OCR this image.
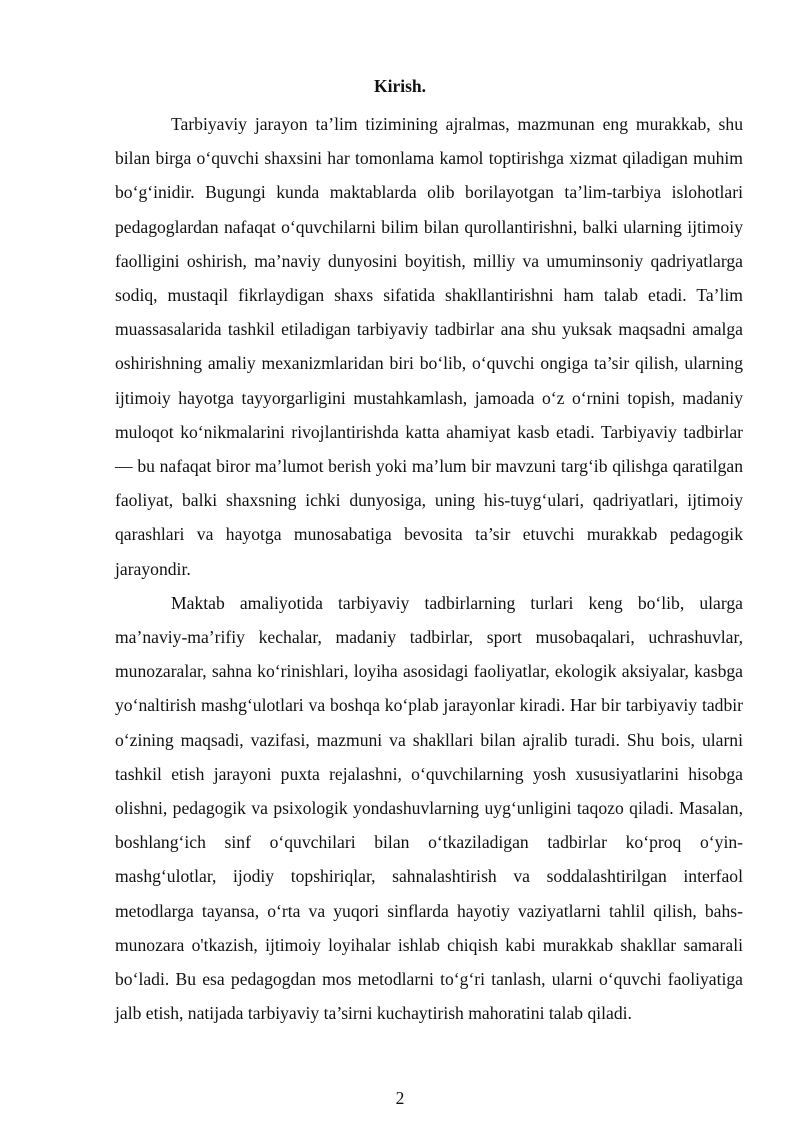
Kirish.

Tarbiyaviy jarayon ta’lim tizimining ajralmas, mazmunan eng murakkab, shu bilan birga o‘quvchi shaxsini har tomonlama kamol toptirishga xizmat qiladigan muhim bo‘g‘inidir. Bugungi kunda maktablarda olib borilayotgan ta’lim-tarbiya islohotlari pedagoglardan nafaqat o‘quvchilarni bilim bilan qurollantirishni, balki ularning ijtimoiy faolligini oshirish, ma’naviy dunyosini boyitish, milliy va umuminsoniy qadriyatlarga sodiq, mustaqil fikrlaydigan shaxs sifatida shakllantirishni ham talab etadi. Ta’lim muassasalarida tashkil etiladigan tarbiyaviy tadbirlar ana shu yuksak maqsadni amalga oshirishning amaliy mexanizmlaridan biri bo‘lib, o‘quvchi ongiga ta’sir qilish, ularning ijtimoiy hayotga tayyorgarligini mustahkamlash, jamoada o‘z o‘rnini topish, madaniy muloqot ko‘nikmalarini rivojlantirishda katta ahamiyat kasb etadi. Tarbiyaviy tadbirlar — bu nafaqat biror ma’lumot berish yoki ma’lum bir mavzuni targ‘ib qilishga qaratilgan faoliyat, balki shaxsning ichki dunyosiga, uning his-tuyg‘ulari, qadriyatlari, ijtimoiy qarashlari va hayotga munosabatiga bevosita ta’sir etuvchi murakkab pedagogik jarayondir.

Maktab amaliyotida tarbiyaviy tadbirlarning turlari keng bo‘lib, ularga ma’naviy-ma’rifiy kechalar, madaniy tadbirlar, sport musobaqalari, uchrashuvlar, munozaralar, sahna ko‘rinishlari, loyiha asosidagi faoliyatlar, ekologik aksiyalar, kasbga yo‘naltirish mashg‘ulotlari va boshqa ko‘plab jarayonlar kiradi. Har bir tarbiyaviy tadbir o‘zining maqsadi, vazifasi, mazmuni va shakllari bilan ajralib turadi. Shu bois, ularni tashkil etish jarayoni puxta rejalashni, o‘quvchilarning yosh xususiyatlarini hisobga olishni, pedagogik va psixologik yondashuvlarning uyg‘unligini taqozo qiladi. Masalan, boshlang‘ich sinf o‘quvchilari bilan o‘tkaziladigan tadbirlar ko‘proq o‘yin-mashg‘ulotlar, ijodiy topshiriqlar, sahnalashtirish va soddalashtirilgan interfaol metodlarga tayansa, o‘rta va yuqori sinflarda hayotiy vaziyatlarni tahlil qilish, bahs-munozara o'tkazish, ijtimoiy loyihalar ishlab chiqish kabi murakkab shakllar samarali bo‘ladi. Bu esa pedagogdan mos metodlarni to‘g‘ri tanlash, ularni o‘quvchi faoliyatiga jalb etish, natijada tarbiyaviy ta’sirni kuchaytirish mahoratini talab qiladi.

2
